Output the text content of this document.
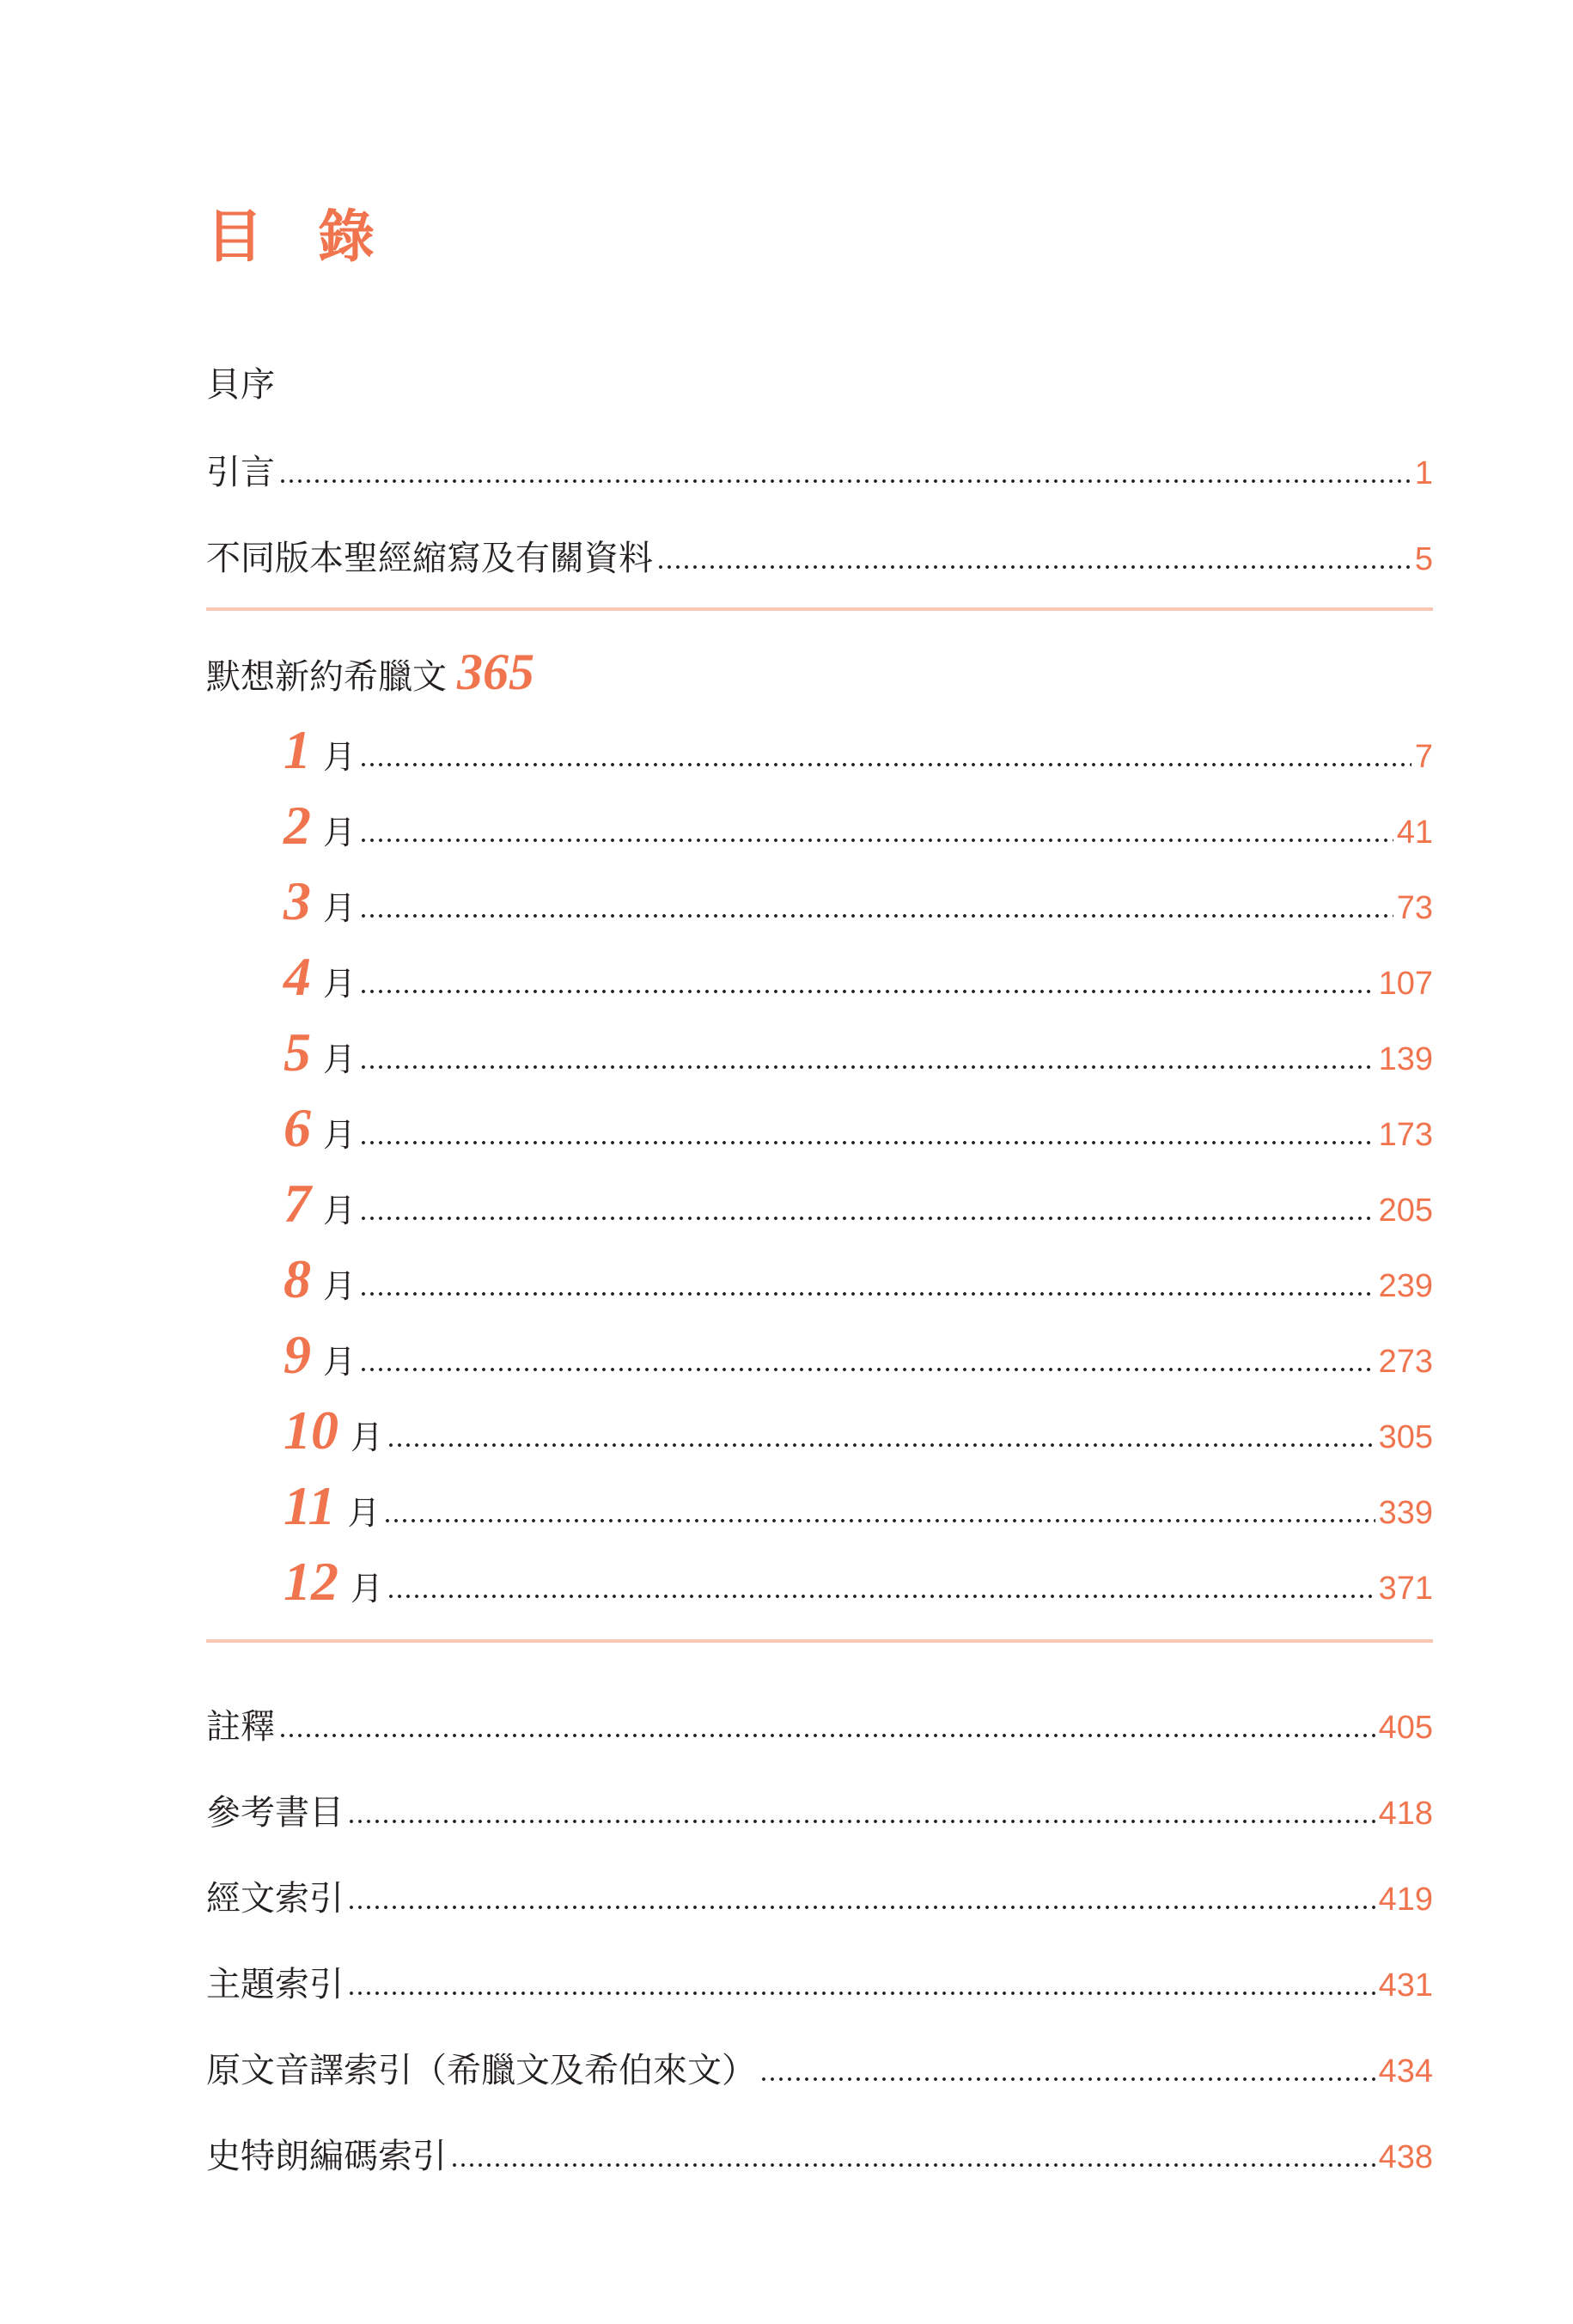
目 錄
貝序
引言	1
不同版本聖經縮寫及有關資料	5
默想新約希臘文 365
1 月	7
2 月	41
3 月	73
4 月	107
5 月	139
6 月	173
7 月	205
8 月	239
9 月	273
10 月	305
11 月	339
12 月	371
註釋	405
參考書目	418
經文索引	419
主題索引	431
原文音譯索引（希臘文及希伯來文）	434
史特朗編碼索引	438
